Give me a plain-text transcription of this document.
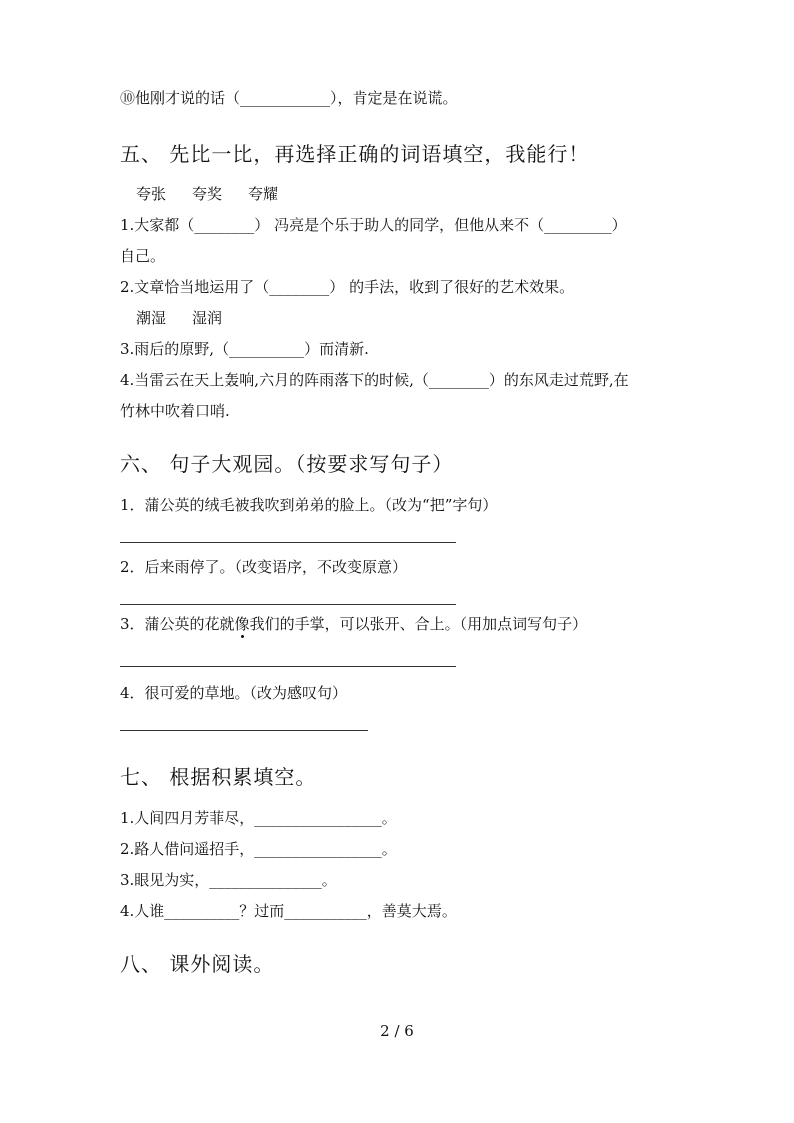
⑩他刚才说的话（____________），肯定是在说谎。
五、 先比一比，再选择正确的词语填空，我能行！
夸张 夸奖 夸耀
1.大家都（________） 冯亮是个乐于助人的同学，但他从来不（_________）
自己。
2.文章恰当地运用了（________） 的手法，收到了很好的艺术效果。
潮湿 湿润
3.雨后的原野,（__________）而清新.
4.当雷云在天上轰响,六月的阵雨落下的时候,（________）的东风走过荒野,在
竹林中吹着口哨.
六、 句子大观园。（按要求写句子）
1．蒲公英的绒毛被我吹到弟弟的脸上。（改为“把”字句）
2．后来雨停了。（改变语序，不改变原意）
3．蒲公英的花就像我们的手掌，可以张开、合上。（用加点词写句子）
4．很可爱的草地。（改为感叹句）
七、 根据积累填空。
1.人间四月芳菲尽，_________________。
2.路人借问遥招手，_________________。
3.眼见为实，_______________。
4.人谁__________？过而___________，善莫大焉。
八、 课外阅读。
2 / 6
